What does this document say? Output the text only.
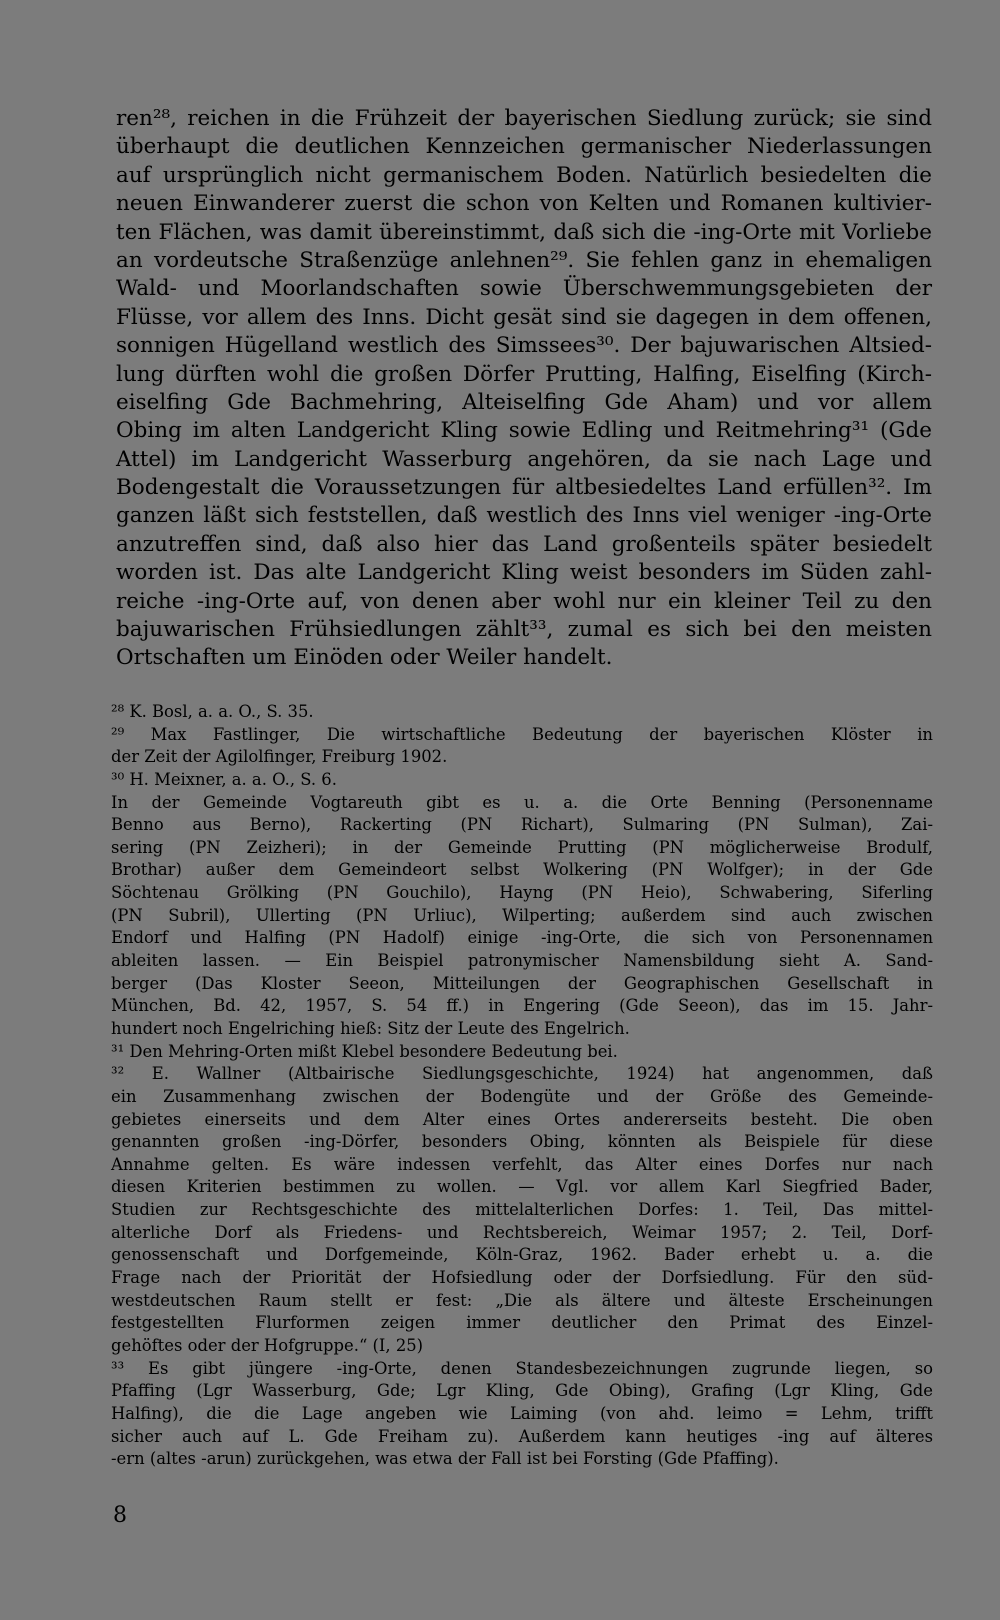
ren²⁸, reichen in die Frühzeit der bayerischen Siedlung zurück; sie sind
überhaupt die deutlichen Kennzeichen germanischer Niederlassungen
auf ursprünglich nicht germanischem Boden. Natürlich besiedelten die
neuen Einwanderer zuerst die schon von Kelten und Romanen kultivier-
ten Flächen, was damit übereinstimmt, daß sich die -ing-Orte mit Vorliebe
an vordeutsche Straßenzüge anlehnen²⁹. Sie fehlen ganz in ehemaligen
Wald- und Moorlandschaften sowie Überschwemmungsgebieten der
Flüsse, vor allem des Inns. Dicht gesät sind sie dagegen in dem offenen,
sonnigen Hügelland westlich des Simssees³⁰. Der bajuwarischen Altsied-
lung dürften wohl die großen Dörfer Prutting, Halfing, Eiselfing (Kirch-
eiselfing Gde Bachmehring, Alteiselfing Gde Aham) und vor allem
Obing im alten Landgericht Kling sowie Edling und Reitmehring³¹ (Gde
Attel) im Landgericht Wasserburg angehören, da sie nach Lage und
Bodengestalt die Voraussetzungen für altbesiedeltes Land erfüllen³². Im
ganzen läßt sich feststellen, daß westlich des Inns viel weniger -ing-Orte
anzutreffen sind, daß also hier das Land großenteils später besiedelt
worden ist. Das alte Landgericht Kling weist besonders im Süden zahl-
reiche -ing-Orte auf, von denen aber wohl nur ein kleiner Teil zu den
bajuwarischen Frühsiedlungen zählt³³, zumal es sich bei den meisten
Ortschaften um Einöden oder Weiler handelt.
²⁸ K. Bosl, a. a. O., S. 35.
²⁹ Max Fastlinger, Die wirtschaftliche Bedeutung der bayerischen Klöster in
der Zeit der Agilolfinger, Freiburg 1902.
³⁰ H. Meixner, a. a. O., S. 6.
In der Gemeinde Vogtareuth gibt es u. a. die Orte Benning (Personenname
Benno aus Berno), Rackerting (PN Richart), Sulmaring (PN Sulman), Zai-
sering (PN Zeizheri); in der Gemeinde Prutting (PN möglicherweise Brodulf,
Brothar) außer dem Gemeindeort selbst Wolkering (PN Wolfger); in der Gde
Söchtenau Grölking (PN Gouchilo), Hayng (PN Heio), Schwabering, Siferling
(PN Subril), Ullerting (PN Urliuc), Wilperting; außerdem sind auch zwischen
Endorf und Halfing (PN Hadolf) einige -ing-Orte, die sich von Personennamen
ableiten lassen. — Ein Beispiel patronymischer Namensbildung sieht A. Sand-
berger (Das Kloster Seeon, Mitteilungen der Geographischen Gesellschaft in
München, Bd. 42, 1957, S. 54 ff.) in Engering (Gde Seeon), das im 15. Jahr-
hundert noch Engelriching hieß: Sitz der Leute des Engelrich.
³¹ Den Mehring-Orten mißt Klebel besondere Bedeutung bei.
³² E. Wallner (Altbairische Siedlungsgeschichte, 1924) hat angenommen, daß
ein Zusammenhang zwischen der Bodengüte und der Größe des Gemeinde-
gebietes einerseits und dem Alter eines Ortes andererseits besteht. Die oben
genannten großen -ing-Dörfer, besonders Obing, könnten als Beispiele für diese
Annahme gelten. Es wäre indessen verfehlt, das Alter eines Dorfes nur nach
diesen Kriterien bestimmen zu wollen. — Vgl. vor allem Karl Siegfried Bader,
Studien zur Rechtsgeschichte des mittelalterlichen Dorfes: 1. Teil, Das mittel-
alterliche Dorf als Friedens- und Rechtsbereich, Weimar 1957; 2. Teil, Dorf-
genossenschaft und Dorfgemeinde, Köln-Graz, 1962. Bader erhebt u. a. die
Frage nach der Priorität der Hofsiedlung oder der Dorfsiedlung. Für den süd-
westdeutschen Raum stellt er fest: „Die als ältere und älteste Erscheinungen
festgestellten Flurformen zeigen immer deutlicher den Primat des Einzel-
gehöftes oder der Hofgruppe.“ (I, 25)
³³ Es gibt jüngere -ing-Orte, denen Standesbezeichnungen zugrunde liegen, so
Pfaffing (Lgr Wasserburg, Gde; Lgr Kling, Gde Obing), Grafing (Lgr Kling, Gde
Halfing), die die Lage angeben wie Laiming (von ahd. leimo = Lehm, trifft
sicher auch auf L. Gde Freiham zu). Außerdem kann heutiges -ing auf älteres
-ern (altes -arun) zurückgehen, was etwa der Fall ist bei Forsting (Gde Pfaffing).
8
